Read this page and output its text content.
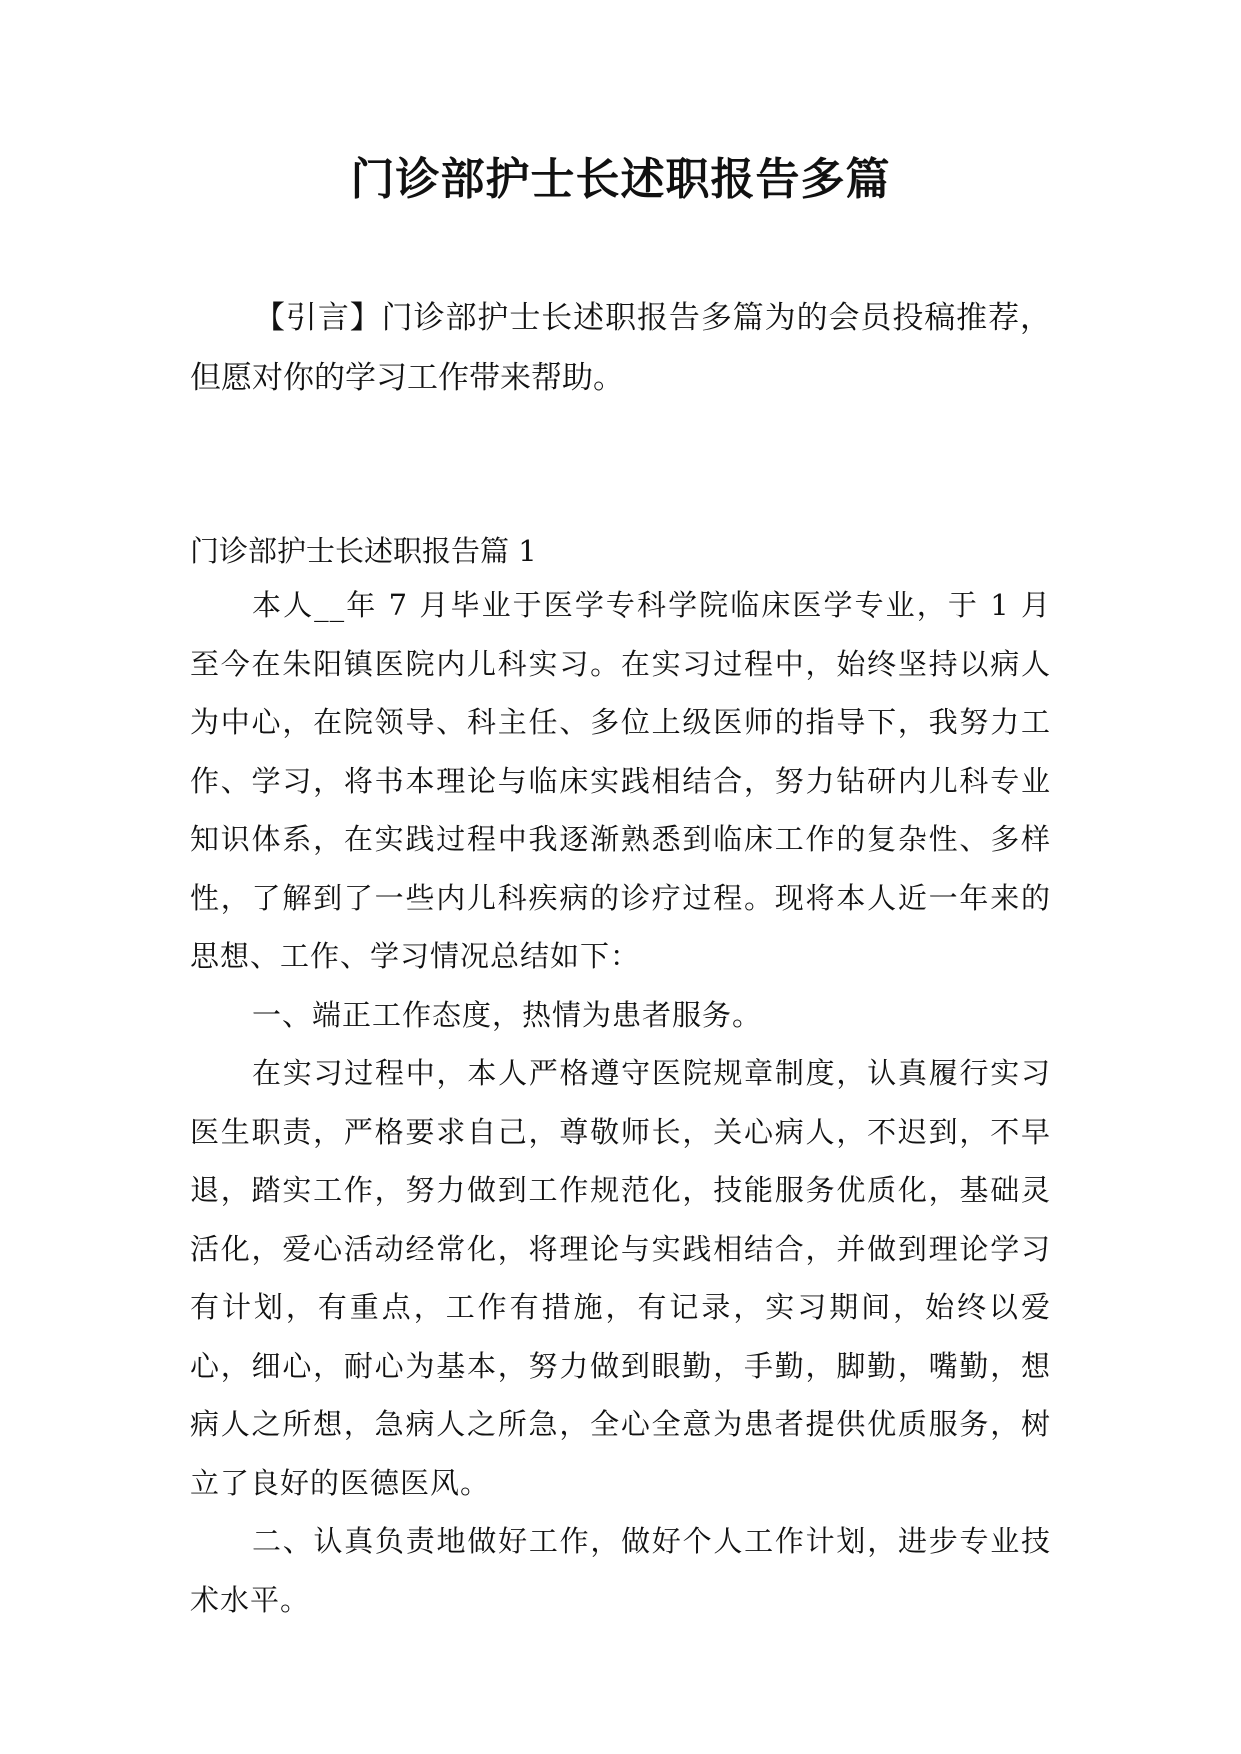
门诊部护士长述职报告多篇

【引言】门诊部护士长述职报告多篇为的会员投稿推荐，但愿对你的学习工作带来帮助。

门诊部护士长述职报告篇 1

本人__年 7 月毕业于医学专科学院临床医学专业，于 1 月至今在朱阳镇医院内儿科实习。在实习过程中，始终坚持以病人为中心，在院领导、科主任、多位上级医师的指导下，我努力工作、学习，将书本理论与临床实践相结合，努力钻研内儿科专业知识体系，在实践过程中我逐渐熟悉到临床工作的复杂性、多样性，了解到了一些内儿科疾病的诊疗过程。现将本人近一年来的思想、工作、学习情况总结如下：

一、端正工作态度，热情为患者服务。

在实习过程中，本人严格遵守医院规章制度，认真履行实习医生职责，严格要求自己，尊敬师长，关心病人，不迟到，不早退，踏实工作，努力做到工作规范化，技能服务优质化，基础灵活化，爱心活动经常化，将理论与实践相结合，并做到理论学习有计划，有重点，工作有措施，有记录，实习期间，始终以爱心，细心，耐心为基本，努力做到眼勤，手勤，脚勤，嘴勤，想病人之所想，急病人之所急，全心全意为患者提供优质服务，树立了良好的医德医风。

二、认真负责地做好工作，做好个人工作计划，进步专业技术水平。
